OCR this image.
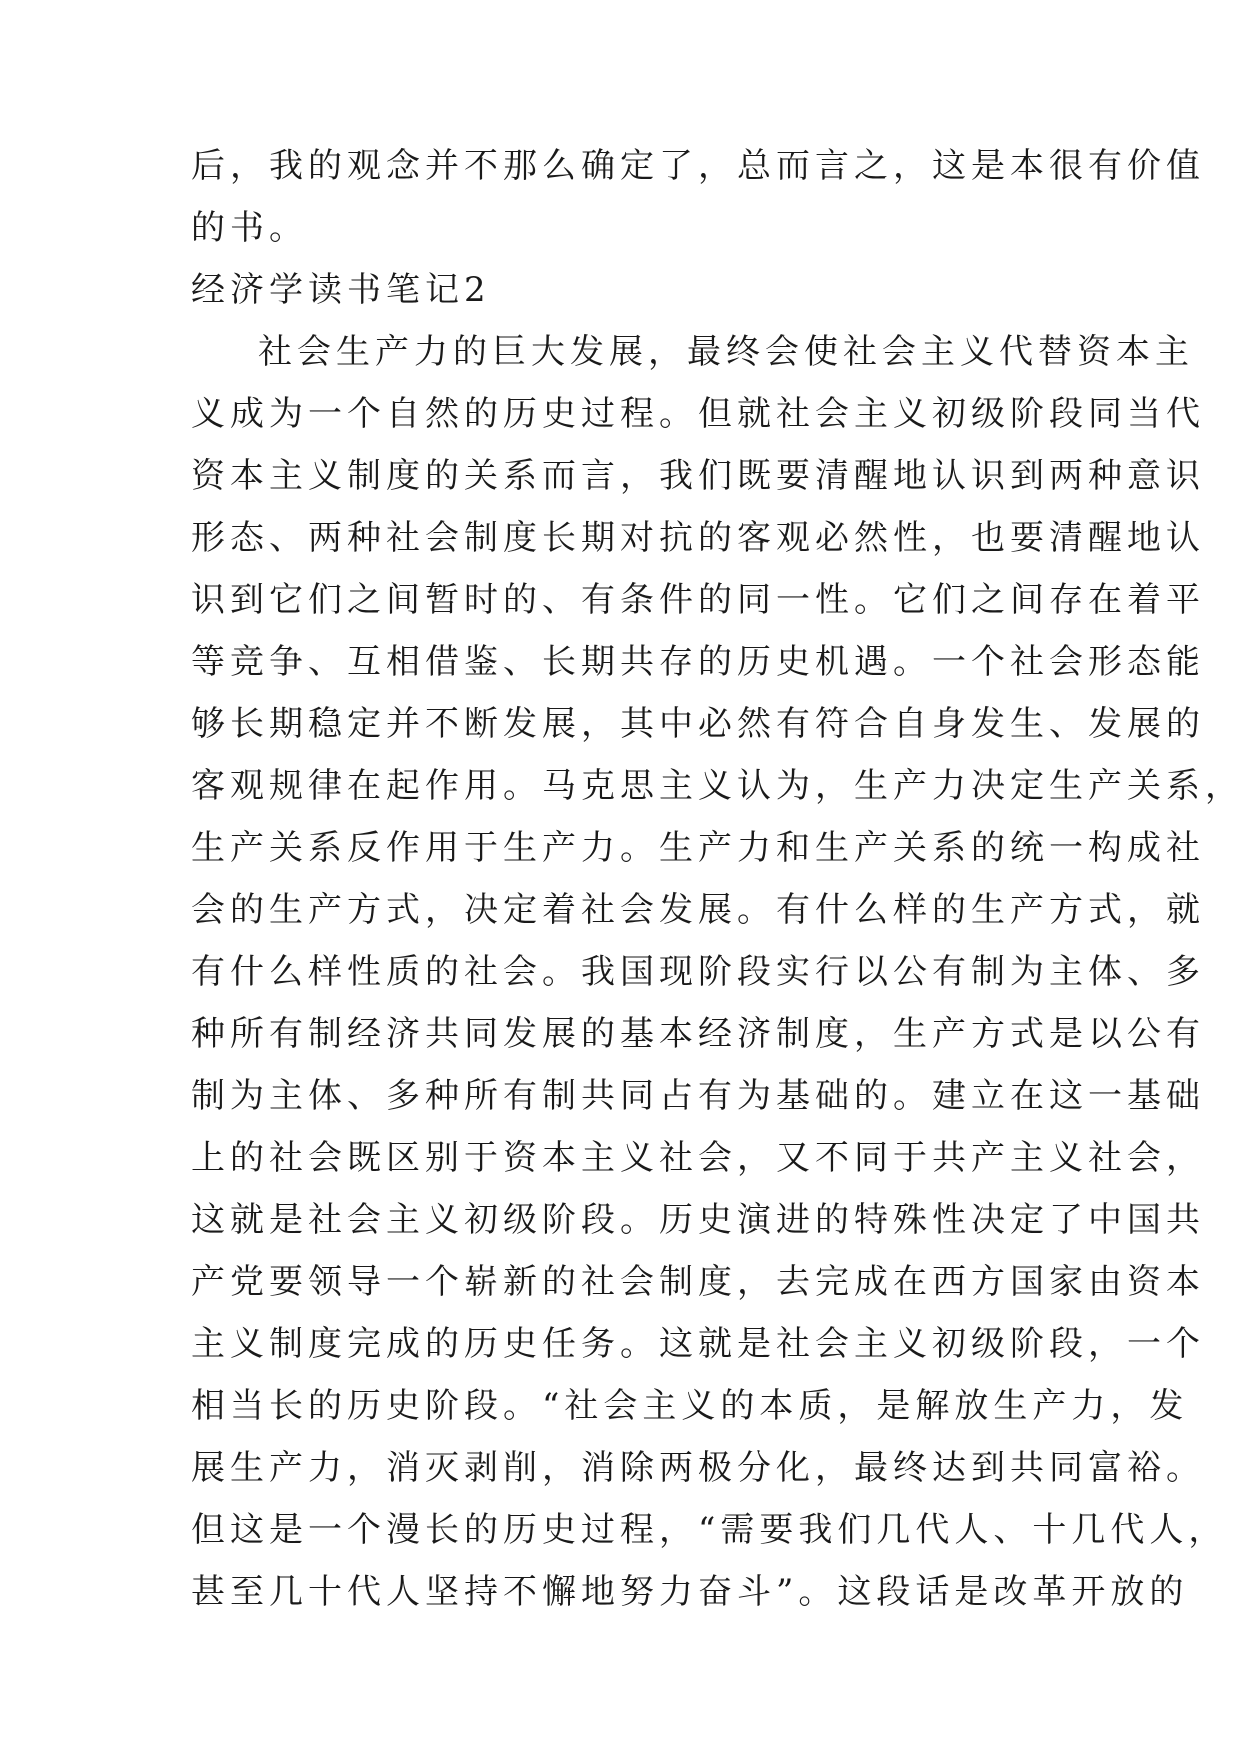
后，我的观念并不那么确定了，总而言之，这是本很有价值
的书。
经济学读书笔记2
社会生产力的巨大发展，最终会使社会主义代替资本主
义成为一个自然的历史过程。但就社会主义初级阶段同当代
资本主义制度的关系而言，我们既要清醒地认识到两种意识
形态、两种社会制度长期对抗的客观必然性，也要清醒地认
识到它们之间暂时的、有条件的同一性。它们之间存在着平
等竞争、互相借鉴、长期共存的历史机遇。一个社会形态能
够长期稳定并不断发展，其中必然有符合自身发生、发展的
客观规律在起作用。马克思主义认为，生产力决定生产关系，
生产关系反作用于生产力。生产力和生产关系的统一构成社
会的生产方式，决定着社会发展。有什么样的生产方式，就
有什么样性质的社会。我国现阶段实行以公有制为主体、多
种所有制经济共同发展的基本经济制度，生产方式是以公有
制为主体、多种所有制共同占有为基础的。建立在这一基础
上的社会既区别于资本主义社会，又不同于共产主义社会，
这就是社会主义初级阶段。历史演进的特殊性决定了中国共
产党要领导一个崭新的社会制度，去完成在西方国家由资本
主义制度完成的历史任务。这就是社会主义初级阶段，一个
相当长的历史阶段。“社会主义的本质，是解放生产力，发
展生产力，消灭剥削，消除两极分化，最终达到共同富裕。
但这是一个漫长的历史过程，“需要我们几代人、十几代人，
甚至几十代人坚持不懈地努力奋斗”。这段话是改革开放的
